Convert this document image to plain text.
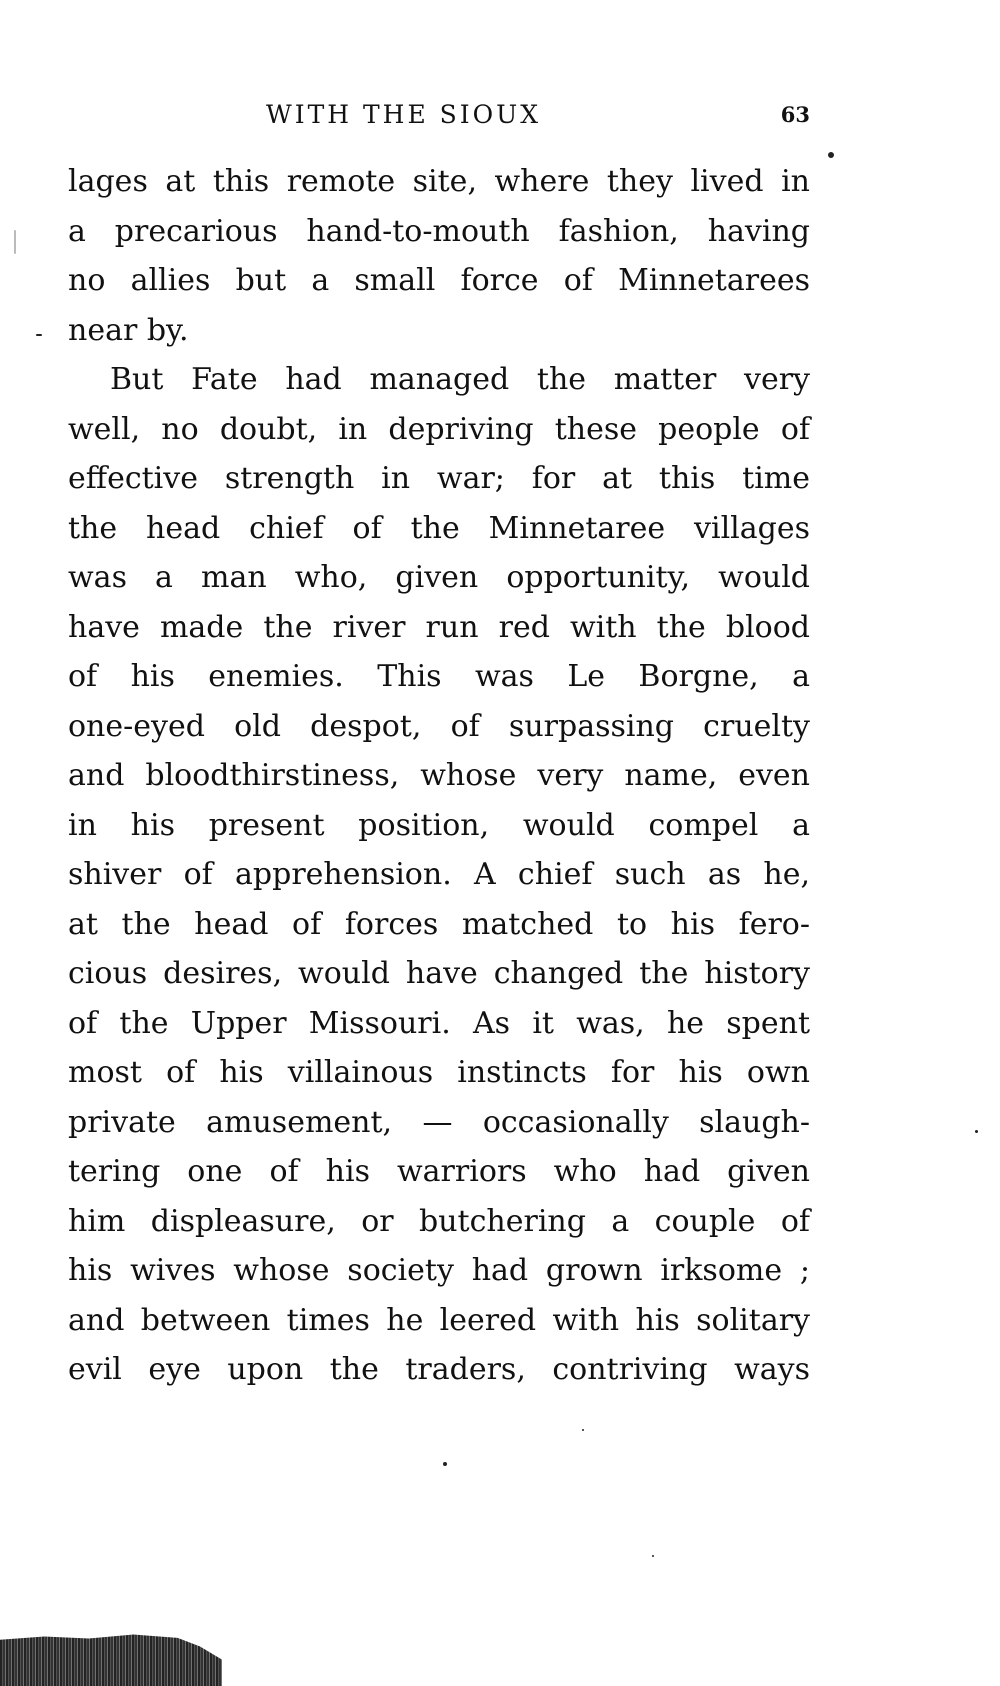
WITH THE SIOUX	63
lages at this remote site, where they lived in
a precarious hand-to-mouth fashion, having
no allies but a small force of Minnetarees
near by.
But Fate had managed the matter very
well, no doubt, in depriving these people of
effective strength in war; for at this time
the head chief of the Minnetaree villages
was a man who, given opportunity, would
have made the river run red with the blood
of his enemies. This was Le Borgne, a
one-eyed old despot, of surpassing cruelty
and bloodthirstiness, whose very name, even
in his present position, would compel a
shiver of apprehension. A chief such as he,
at the head of forces matched to his fero-
cious desires, would have changed the history
of the Upper Missouri. As it was, he spent
most of his villainous instincts for his own
private amusement, — occasionally slaugh-
tering one of his warriors who had given
him displeasure, or butchering a couple of
his wives whose society had grown irksome ;
and between times he leered with his solitary
evil eye upon the traders, contriving ways
